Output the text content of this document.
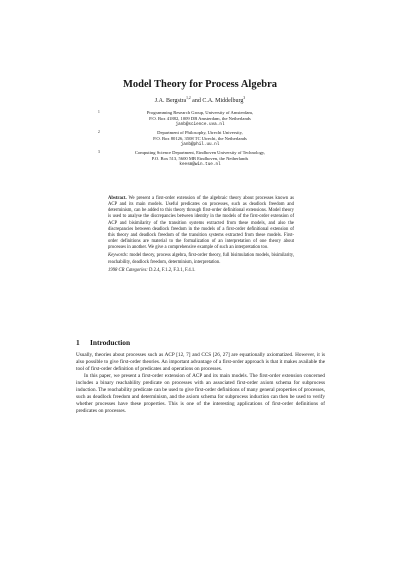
Model Theory for Process Algebra
J.A. Bergstra$^{1,2}$ and C.A. Middelburg$^3$
1	Programming Research Group, University of Amsterdam,
P.O. Box 41882, 1009 DB Amsterdam, the Netherlands
janb@science.uva.nl
2	Department of Philosophy, Utrecht University,
P.O. Box 80126, 3508 TC Utrecht, the Netherlands
janb@phil.uu.nl
3	Computing Science Department, Eindhoven University of Technology,
P.O. Box 513, 5600 MB Eindhoven, the Netherlands
keesm@win.tue.nl

Abstract. We present a first-order extension of the algebraic theory about processes known as ACP and its main models. Useful predicates on processes, such as deadlock freedom and determinism, can be added to this theory through first-order definitional extensions. Model theory is used to analyse the discrepancies between identity in the models of the first-order extension of ACP and bisimilarity of the transition systems extracted from these models, and also the discrepancies between deadlock freedom in the models of a first-order definitional extension of this theory and deadlock freedom of the transition systems extracted from these models. First-order definitions are material to the formalization of an interpretation of one theory about processes in another. We give a comprehensive example of such an interpretation too.

Keywords: model theory, process algebra, first-order theory, full bisimulation models, bisimilarity, reachability, deadlock freedom, determinism, interpretation.

1998 CR Categories: D.2.4, F.1.2, F.3.1, F.4.1.

1 Introduction

Usually, theories about processes such as ACP [12, 7] and CCS [26, 27] are equationally axiomatized. However, it is also possible to give first-order theories. An important advantage of a first-order approach is that it makes available the tool of first-order definition of predicates and operations on processes.

In this paper, we present a first-order extension of ACP and its main models. The first-order extension concerned includes a binary reachability predicate on processes with an associated first-order axiom schema for subprocess induction. The reachability predicate can be used to give first-order definitions of many general properties of processes, such as deadlock freedom and determinism, and the axiom schema for subprocess induction can then be used to verify whether processes have these properties. This is one of the interesting applications of first-order definitions of predicates on processes.
